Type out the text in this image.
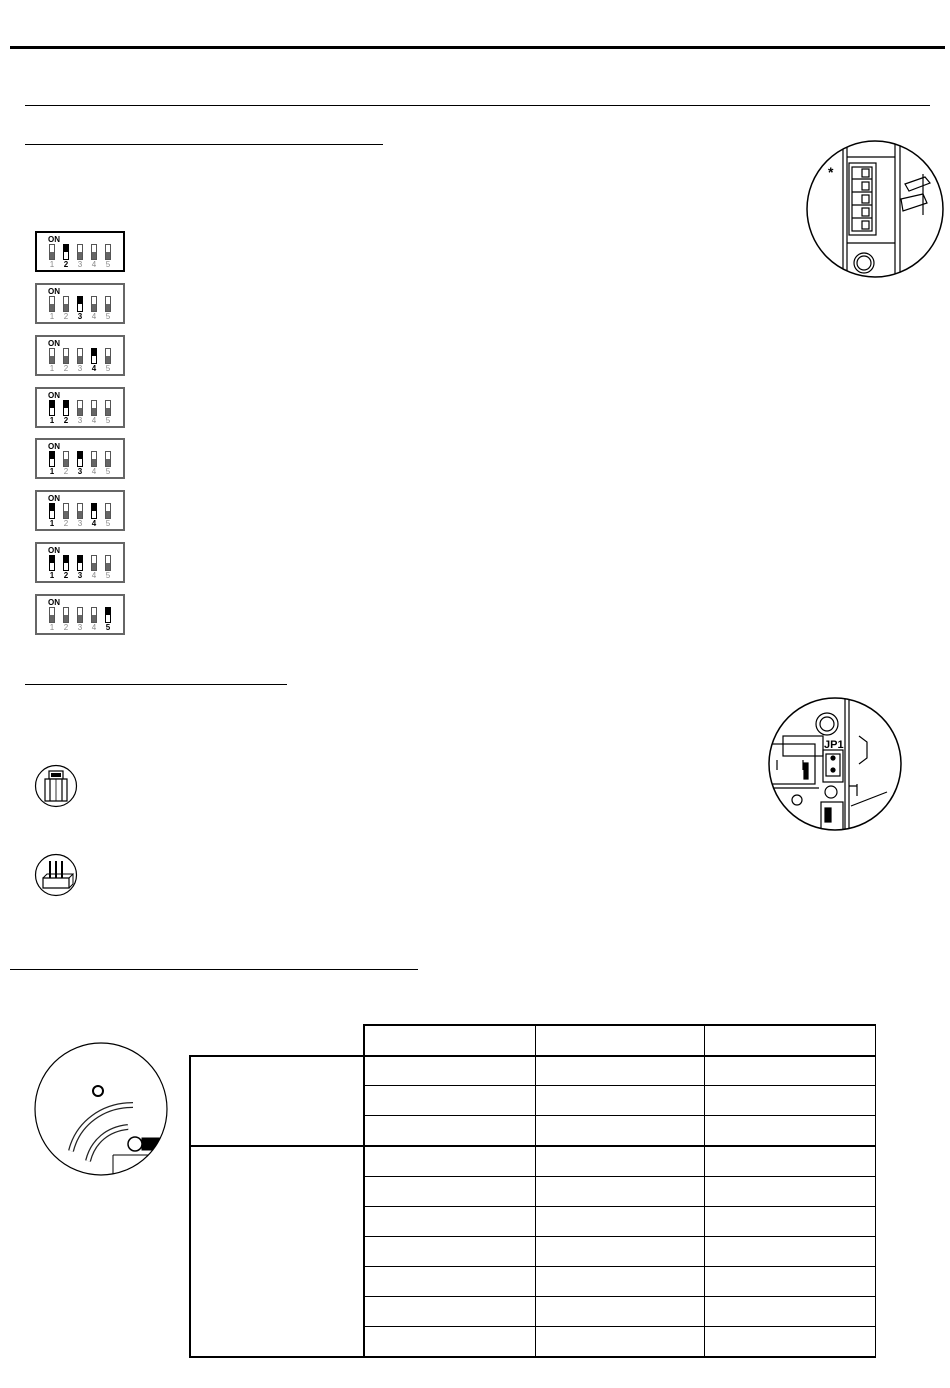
ON
1	2	3	4	5
ON
1	2	3	4	5
ON
1	2	3	4	5
ON
1	2	3	4	5
ON
1	2	3	4	5
ON
1	2	3	4	5
ON
1	2	3	4	5
ON
1	2	3	4	5
*
JP1
